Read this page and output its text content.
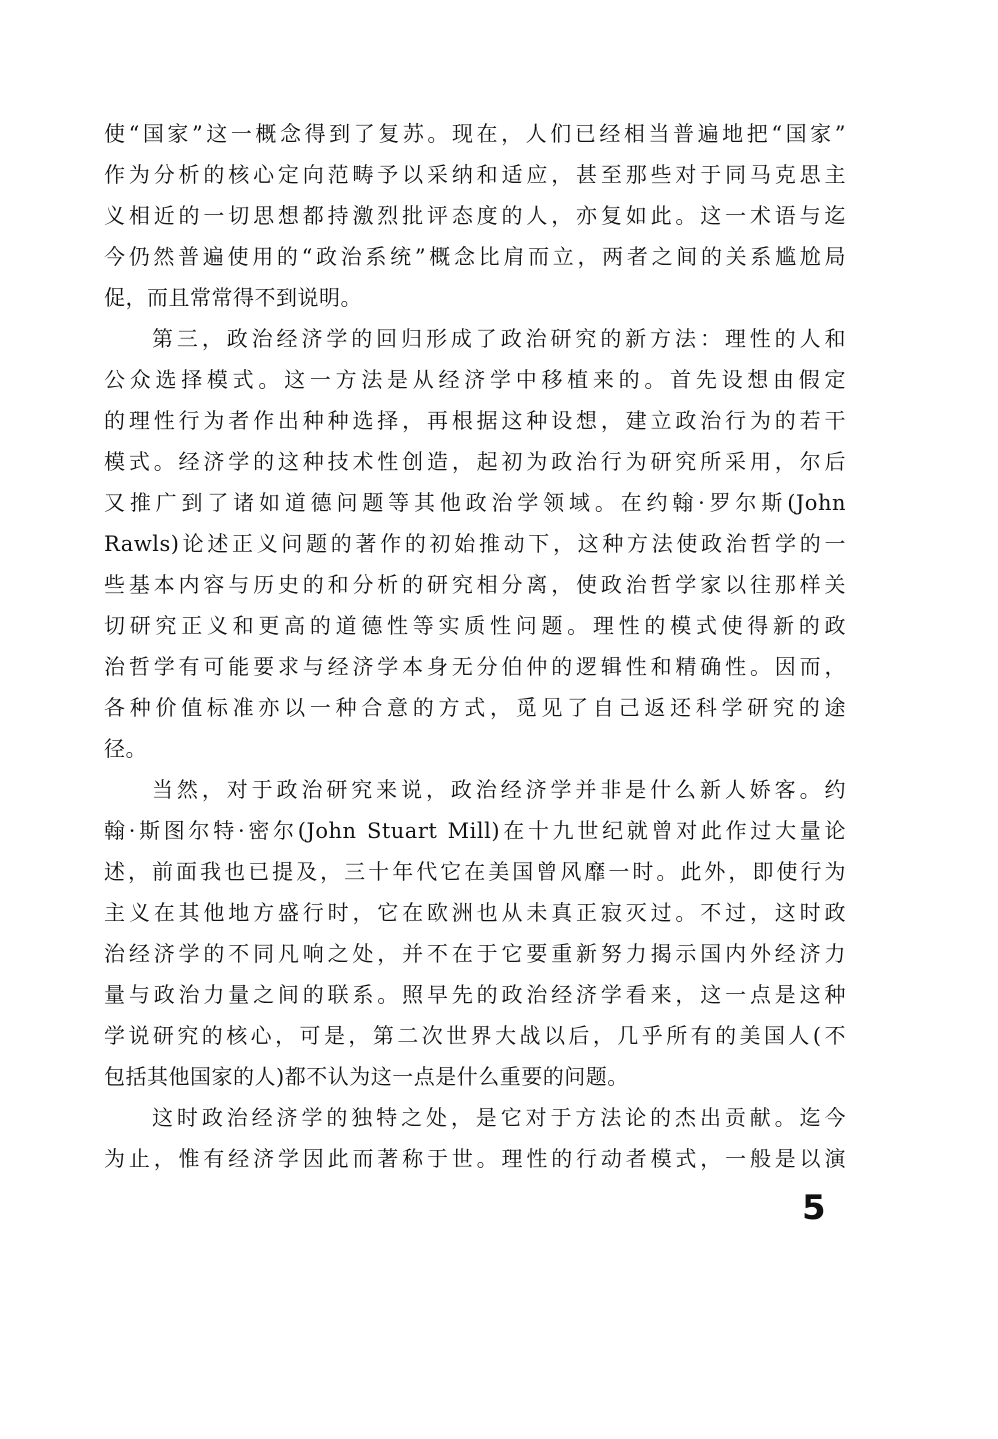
使“国家”这一概念得到了复苏。现在，人们已经相当普遍地把“国家”
作为分析的核心定向范畴予以采纳和适应，甚至那些对于同马克思主
义相近的一切思想都持激烈批评态度的人，亦复如此。这一术语与迄
今仍然普遍使用的“政治系统”概念比肩而立，两者之间的关系尴尬局
促，而且常常得不到说明。
第三，政治经济学的回归形成了政治研究的新方法：理性的人和
公众选择模式。这一方法是从经济学中移植来的。首先设想由假定
的理性行为者作出种种选择，再根据这种设想，建立政治行为的若干
模式。经济学的这种技术性创造，起初为政治行为研究所采用，尔后
又推广到了诸如道德问题等其他政治学领域。在约翰·罗尔斯(John
Rawls)论述正义问题的著作的初始推动下，这种方法使政治哲学的一
些基本内容与历史的和分析的研究相分离，使政治哲学家以往那样关
切研究正义和更高的道德性等实质性问题。理性的模式使得新的政
治哲学有可能要求与经济学本身无分伯仲的逻辑性和精确性。因而，
各种价值标准亦以一种合意的方式，觅见了自己返还科学研究的途
径。
当然，对于政治研究来说，政治经济学并非是什么新人娇客。约
翰·斯图尔特·密尔(John Stuart Mill)在十九世纪就曾对此作过大量论
述，前面我也已提及，三十年代它在美国曾风靡一时。此外，即使行为
主义在其他地方盛行时，它在欧洲也从未真正寂灭过。不过，这时政
治经济学的不同凡响之处，并不在于它要重新努力揭示国内外经济力
量与政治力量之间的联系。照早先的政治经济学看来，这一点是这种
学说研究的核心，可是，第二次世界大战以后，几乎所有的美国人(不
包括其他国家的人)都不认为这一点是什么重要的问题。
这时政治经济学的独特之处，是它对于方法论的杰出贡献。迄今
为止，惟有经济学因此而著称于世。理性的行动者模式，一般是以演
5
